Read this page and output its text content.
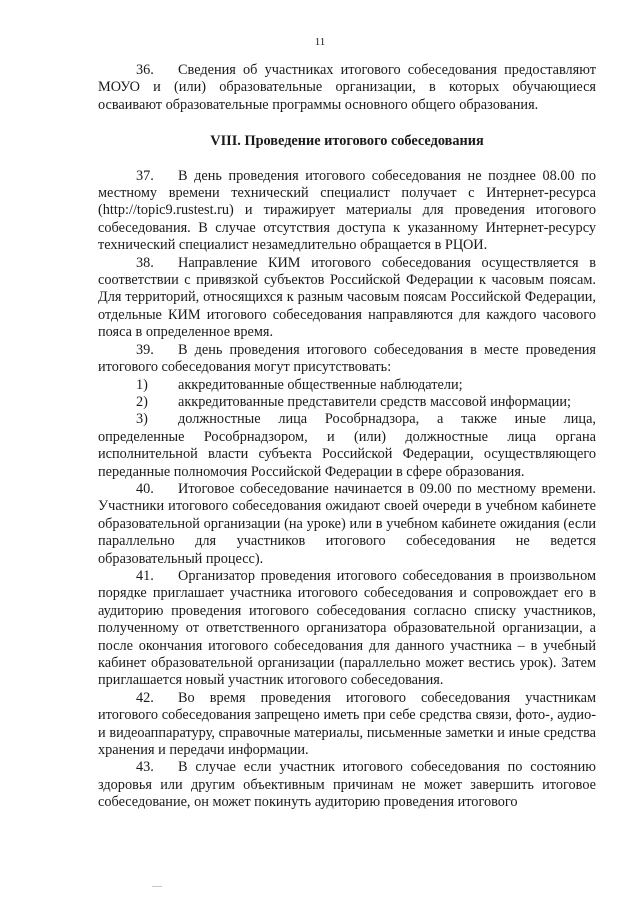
11

36. Сведения об участниках итогового собеседования предоставляют МОУО и (или) образовательные организации, в которых обучающиеся осваивают образовательные программы основного общего образования.

VIII. Проведение итогового собеседования

37. В день проведения итогового собеседования не позднее 08.00 по местному времени технический специалист получает с Интернет-ресурса (http://topic9.rustest.ru) и тиражирует материалы для проведения итогового собеседования. В случае отсутствия доступа к указанному Интернет-ресурсу технический специалист незамедлительно обращается в РЦОИ.

38. Направление КИМ итогового собеседования осуществляется в соответствии с привязкой субъектов Российской Федерации к часовым поясам. Для территорий, относящихся к разным часовым поясам Российской Федерации, отдельные КИМ итогового собеседования направляются для каждого часового пояса в определенное время.

39. В день проведения итогового собеседования в месте проведения итогового собеседования могут присутствовать:

1) аккредитованные общественные наблюдатели;

2) аккредитованные представители средств массовой информации;

3) должностные лица Рособрнадзора, а также иные лица, определенные Рособрнадзором, и (или) должностные лица органа исполнительной власти субъекта Российской Федерации, осуществляющего переданные полномочия Российской Федерации в сфере образования.

40. Итоговое собеседование начинается в 09.00 по местному времени. Участники итогового собеседования ожидают своей очереди в учебном кабинете образовательной организации (на уроке) или в учебном кабинете ожидания (если параллельно для участников итогового собеседования не ведется образовательный процесс).

41. Организатор проведения итогового собеседования в произвольном порядке приглашает участника итогового собеседования и сопровождает его в аудиторию проведения итогового собеседования согласно списку участников, полученному от ответственного организатора образовательной организации, а после окончания итогового собеседования для данного участника – в учебный кабинет образовательной организации (параллельно может вестись урок). Затем приглашается новый участник итогового собеседования.

42. Во время проведения итогового собеседования участникам итогового собеседования запрещено иметь при себе средства связи, фото-, аудио- и видеоаппаратуру, справочные материалы, письменные заметки и иные средства хранения и передачи информации.

43. В случае если участник итогового собеседования по состоянию здоровья или другим объективным причинам не может завершить итоговое собеседование, он может покинуть аудиторию проведения итогового
